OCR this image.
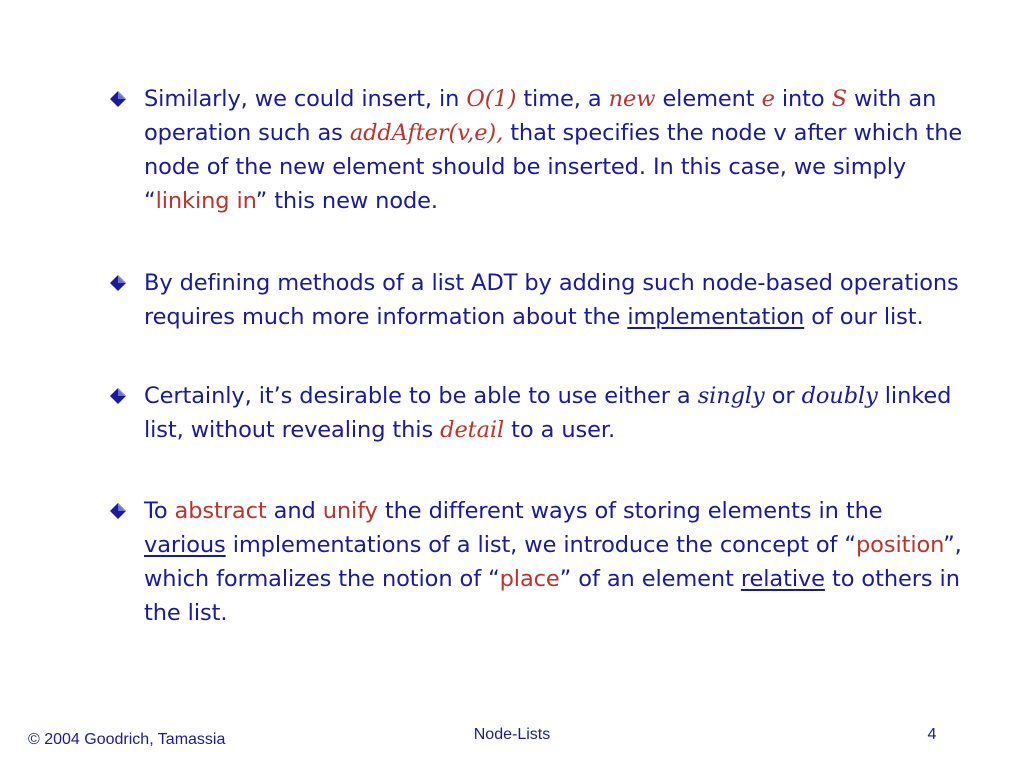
Similarly, we could insert, in O(1) time, a new element e into S with an operation such as addAfter(v,e), that specifies the node v after which the node of the new element should be inserted. In this case, we simply “linking in” this new node.
By defining methods of a list ADT by adding such node-based operations requires much more information about the implementation of our list.
Certainly, it’s desirable to be able to use either a singly or doubly linked list, without revealing this detail to a user.
To abstract and unify the different ways of storing elements in the various implementations of a list, we introduce the concept of “position”, which formalizes the notion of “place” of an element relative to others in the list.
© 2004 Goodrich, Tamassia	Node-Lists	4
